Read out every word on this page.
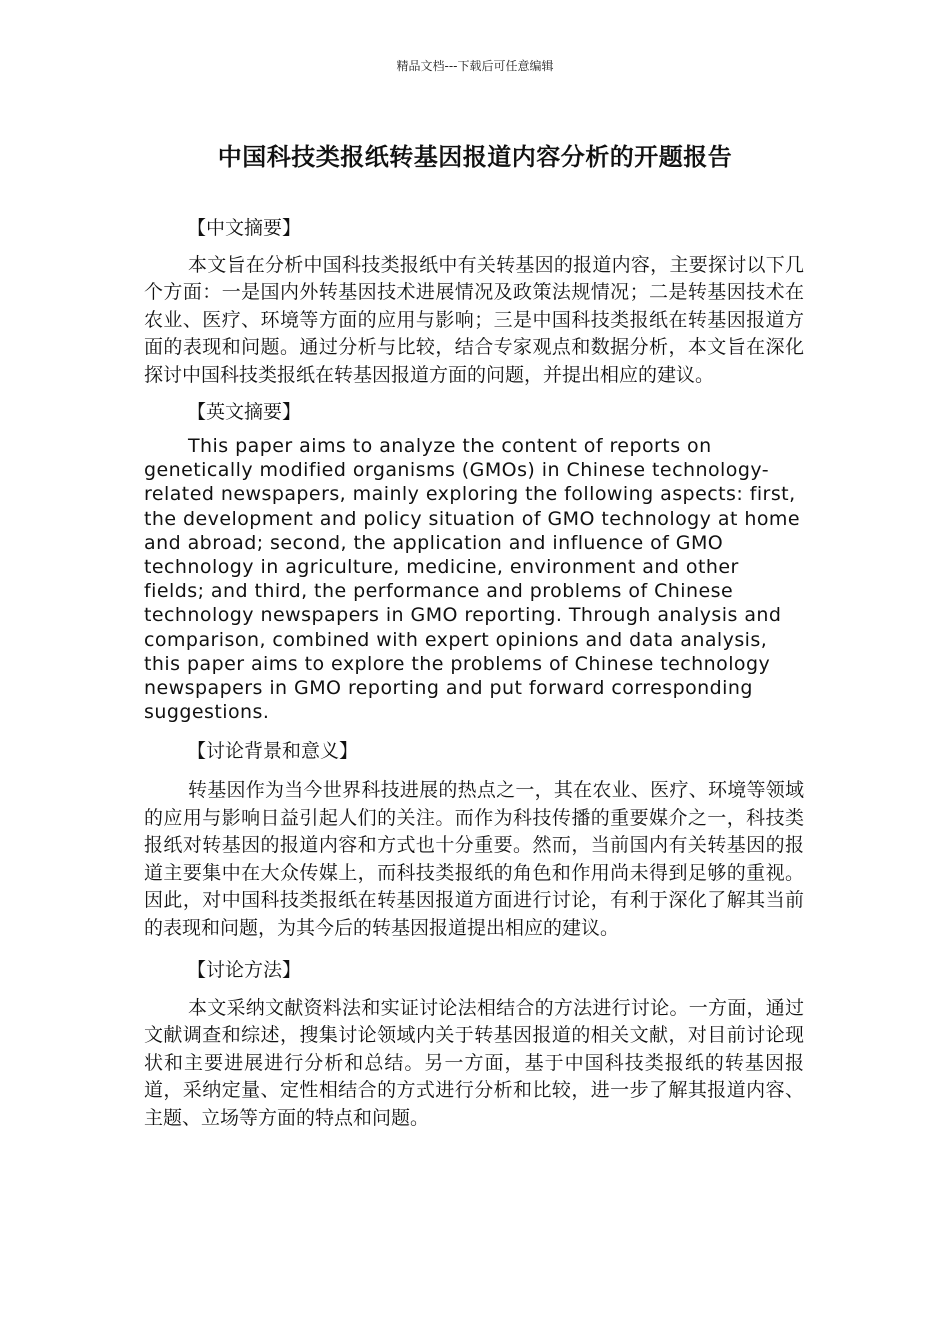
精品文档---下载后可任意编辑
中国科技类报纸转基因报道内容分析的开题报告
【中文摘要】

本文旨在分析中国科技类报纸中有关转基因的报道内容，主要探讨以下几个方面：一是国内外转基因技术进展情况及政策法规情况；二是转基因技术在农业、医疗、环境等方面的应用与影响；三是中国科技类报纸在转基因报道方面的表现和问题。通过分析与比较，结合专家观点和数据分析，本文旨在深化探讨中国科技类报纸在转基因报道方面的问题，并提出相应的建议。

【英文摘要】

This paper aims to analyze the content of reports on genetically modified organisms (GMOs) in Chinese technology-related newspapers, mainly exploring the following aspects: first, the development and policy situation of GMO technology at home and abroad; second, the application and influence of GMO technology in agriculture, medicine, environment and other fields; and third, the performance and problems of Chinese technology newspapers in GMO reporting. Through analysis and comparison, combined with expert opinions and data analysis, this paper aims to explore the problems of Chinese technology newspapers in GMO reporting and put forward corresponding suggestions.

【讨论背景和意义】

转基因作为当今世界科技进展的热点之一，其在农业、医疗、环境等领域的应用与影响日益引起人们的关注。而作为科技传播的重要媒介之一，科技类报纸对转基因的报道内容和方式也十分重要。然而，当前国内有关转基因的报道主要集中在大众传媒上，而科技类报纸的角色和作用尚未得到足够的重视。因此，对中国科技类报纸在转基因报道方面进行讨论，有利于深化了解其当前的表现和问题，为其今后的转基因报道提出相应的建议。

【讨论方法】

本文采纳文献资料法和实证讨论法相结合的方法进行讨论。一方面，通过文献调查和综述，搜集讨论领域内关于转基因报道的相关文献，对目前讨论现状和主要进展进行分析和总结。另一方面，基于中国科技类报纸的转基因报道，采纳定量、定性相结合的方式进行分析和比较，进一步了解其报道内容、主题、立场等方面的特点和问题。
